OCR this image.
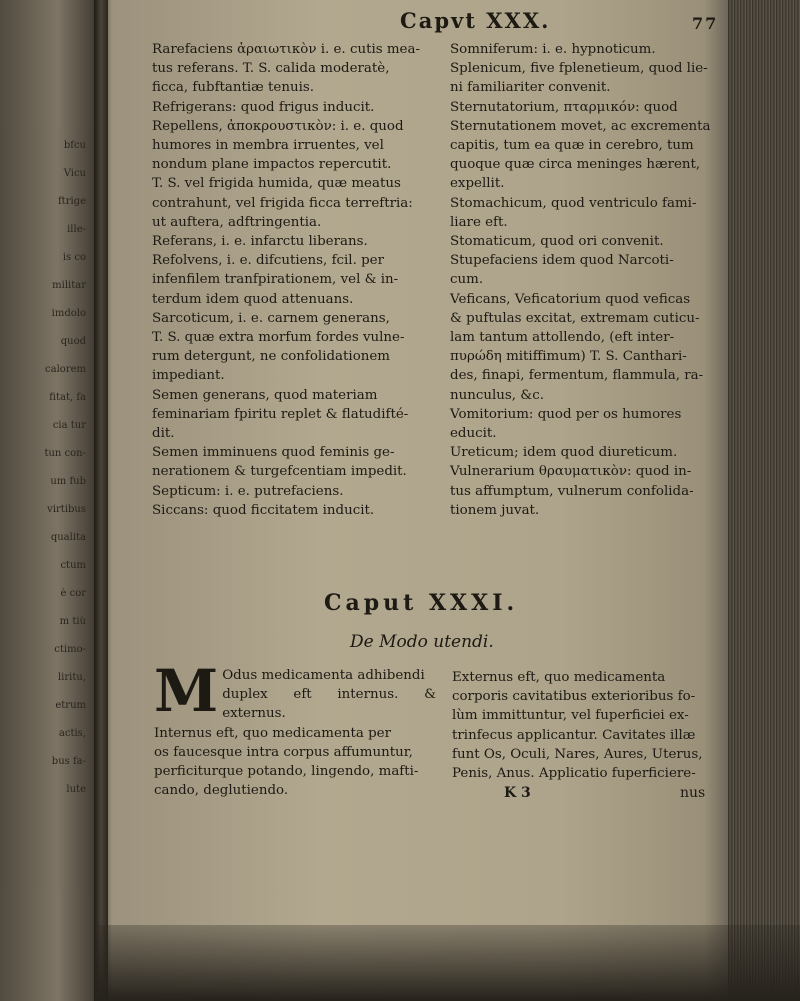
bfcu
Vicu
ftrige
ille-
is co
militar
imdolo
quod
calorem
fitat, fa
cia tur
tun con-
um fub
virtibus
qualita
ctum
è cor
m tiù
ctimo-
liritu,
etrum
actis,
bus fa-
lute
Capvt XXX.	77

Rarefaciens ἀραιωτικὸν i. e. cutis mea-

tus referans. T. S. calida moderatè,

ficca, fubftantiæ tenuis.

Refrigerans: quod frigus inducit.

Repellens, ἀποκρουστικὸν: i. e. quod

humores in membra irruentes, vel

nondum plane impactos repercutit.

T. S. vel frigida humida, quæ meatus

contrahunt, vel frigida ficca terreftria:

ut aufterа, adftringentia.

Referans, i. e. infarctu liberans.

Refolvens, i. e. difcutiens, fcil. per

infenfilem tranfpirationem, vel & in-

terdum idem quod attenuans.

Sarcoticum, i. e. carnem generans,

T. S. quæ extra morfum fordes vulne-

rum detergunt, ne confolidationem

impediant.

Semen generans, quod materiam

feminariam fpiritu replet & flatudifté-

dit.

Semen imminuens quod feminis ge-

nerationem & turgefcentiam impedit.

Septicum: i. e. putrefaciens.

Siccans: quod ficcitatem inducit.

Somniferum: i. e. hypnoticum.

Splenicum, five fplenetieum, quod lie-

ni familiariter convenit.

Sternutatorium, πταρμικόν: quod

Sternutationem movet, ac excrementa

capitis, tum ea quæ in cerebro, tum

quoque quæ circa meninges hærent,

expellit.

Stomachicum, quod ventriculo fami-

liare eft.

Stomaticum, quod ori convenit.

Stupefaciens idem quod Narcoti-

cum.

Veficans, Veficatorium quod veficas

& puftulas excitat, extremam cuticu-

lam tantum attollendo, (eft inter-

πυρώδη mitiffimum) T. S. Canthari-

des, finapi, fermentum, flammula, ra-

nunculus, &c.

Vomitorium: quod per os humores

educit.

Ureticum; idem quod diureticum.

Vulnerarium θραυματικὸν: quod in-

tus affumptum, vulnerum confolida-

tionem juvat.

Caput XXXI.
De Modo utendi.
M Odus medicamenta adhibendi

duplex eft internus. & externus.

Internus eft, quo medicamenta per

os faucesque intra corpus affumuntur,

perficiturque potando, lingendo, mafti-

cando, deglutiendo.

Externus eft, quo medicamenta

corporis cavitatibus exterioribus fo-

lùm immittuntur, vel fuperficiei ex-

trinfecus applicantur. Cavitates illæ

funt Os, Oculi, Nares, Aures, Uterus,

Penis, Anus. Applicatio fuperficiere-

K 3	nus
